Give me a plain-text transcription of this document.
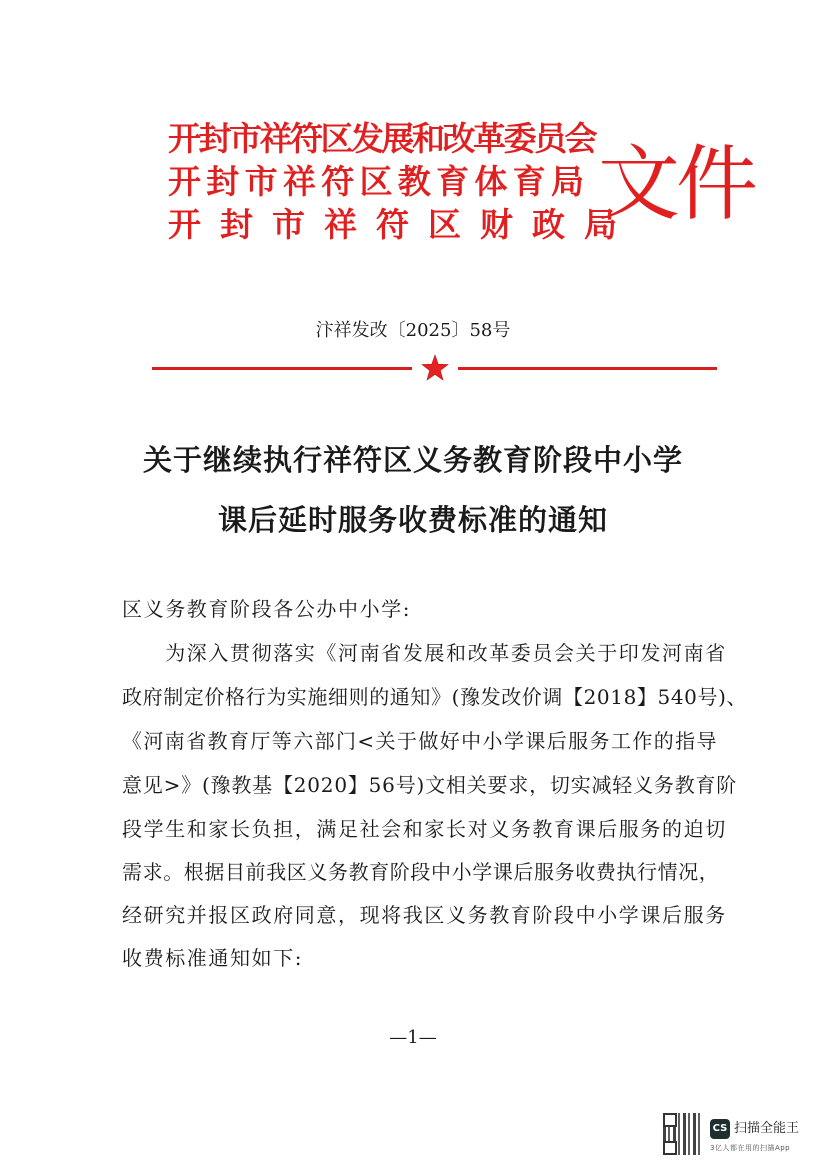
开封市祥符区发展和改革委员会
开封市祥符区教育体育局
开封市祥符区财政局
文件
汴祥发改〔2025〕58号
关于继续执行祥符区义务教育阶段中小学
课后延时服务收费标准的通知
区义务教育阶段各公办中小学:
　　为深入贯彻落实《河南省发展和改革委员会关于印发河南省
政府制定价格行为实施细则的通知》(豫发改价调【2018】540号)、
《河南省教育厅等六部门<关于做好中小学课后服务工作的指导
意见>》(豫教基【2020】56号)文相关要求，切实减轻义务教育阶
段学生和家长负担，满足社会和家长对义务教育课后服务的迫切
需求。根据目前我区义务教育阶段中小学课后服务收费执行情况，
经研究并报区政府同意，现将我区义务教育阶段中小学课后服务
收费标准通知如下:
—1—
CS 扫描全能王
3亿人都在用的扫描App
